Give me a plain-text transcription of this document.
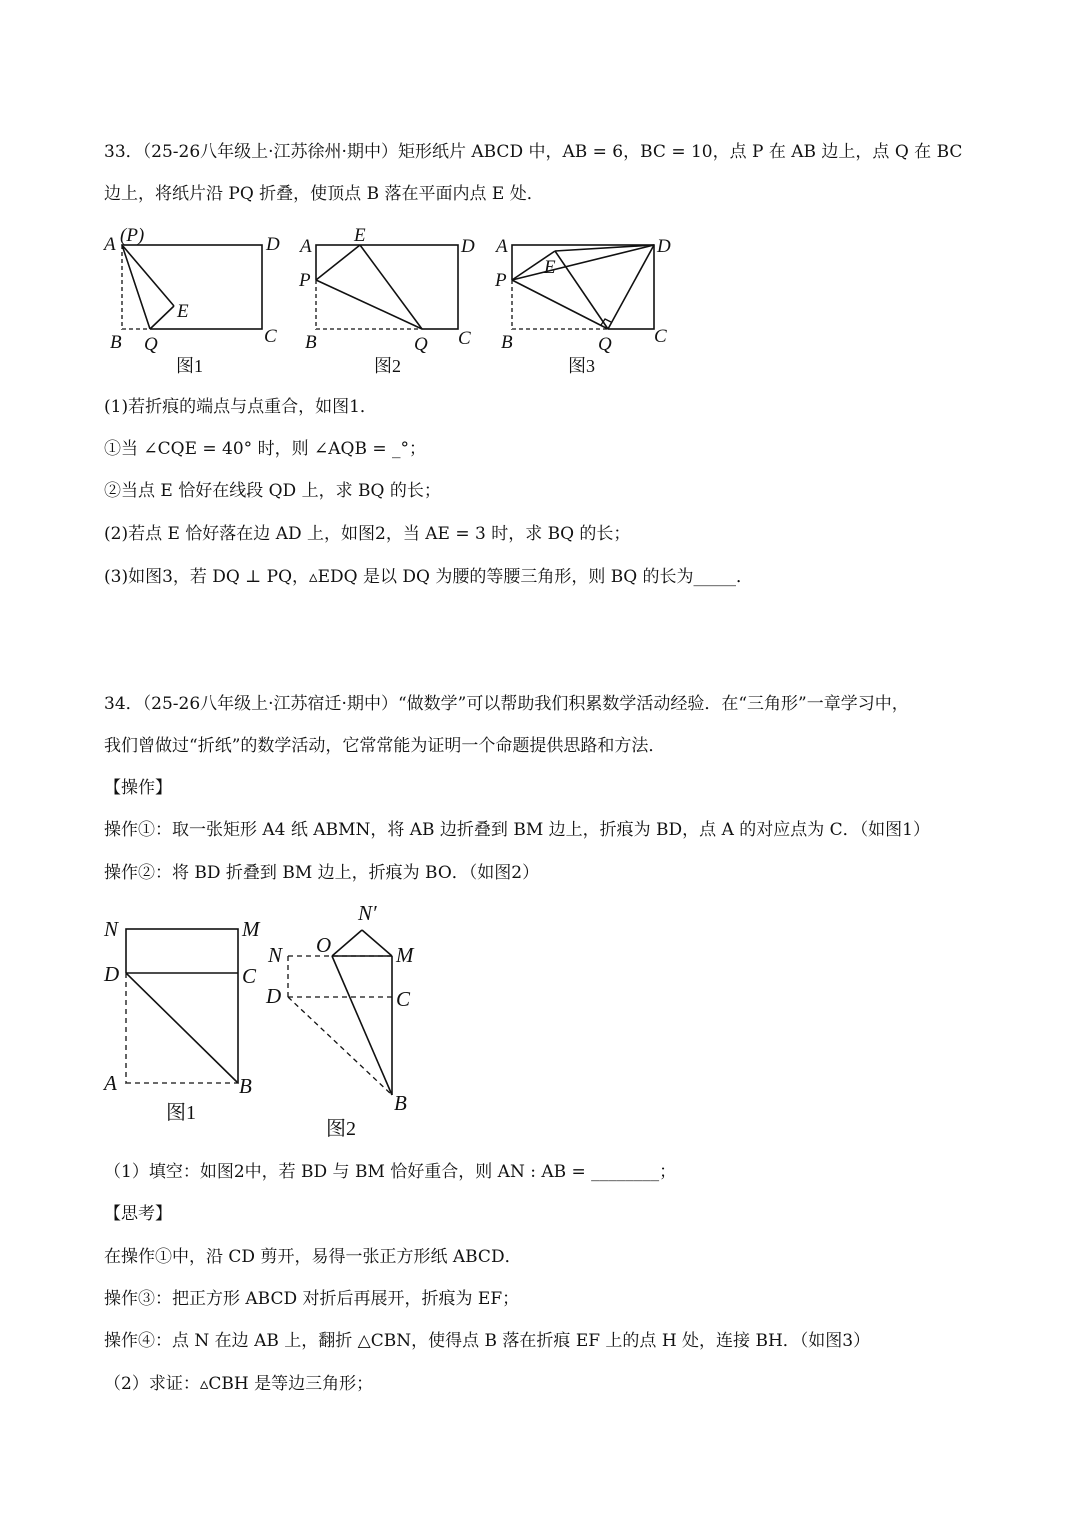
33．（25-26八年级上·江苏徐州·期中）矩形纸片 ABCD 中，AB = 6，BC = 10，点 P 在 AB 边上，点 Q 在 BC
边上，将纸片沿 PQ 折叠，使顶点 B 落在平面内点 E 处．
A (P)	D
E
B Q	C
图1
A
E
D
P
B	Q C
图2
A	D
E
P
B	Q C
图3
(1)若折痕的端点与点重合，如图1．
①当 ∠CQE = 40° 时，则 ∠AQB = _°；
②当点 E 恰好在线段 QD 上，求 BQ 的长；
(2)若点 E 恰好落在边 AD 上，如图2，当 AE = 3 时，求 BQ 的长；
(3)如图3，若 DQ ⊥ PQ，▵EDQ 是以 DQ 为腰的等腰三角形，则 BQ 的长为_____．
34．（25-26八年级上·江苏宿迁·期中）“做数学”可以帮助我们积累数学活动经验．在“三角形”一章学习中，
我们曾做过“折纸”的数学活动，它常常能为证明一个命题提供思路和方法．
【操作】
操作①：取一张矩形 A4 纸 ABMN，将 AB 边折叠到 BM 边上，折痕为 BD，点 A 的对应点为 C．（如图1）
操作②：将 BD 折叠到 BM 边上，折痕为 BO．（如图2）
N	M
D	C
A	B
图1
N′
O
N	M
D	C
B
图2
（1）填空：如图2中，若 BD 与 BM 恰好重合，则 AN : AB = ________；
【思考】
在操作①中，沿 CD 剪开，易得一张正方形纸 ABCD．
操作③：把正方形 ABCD 对折后再展开，折痕为 EF；
操作④：点 N 在边 AB 上，翻折 △CBN，使得点 B 落在折痕 EF 上的点 H 处，连接 BH．（如图3）
（2）求证：▵CBH 是等边三角形；
